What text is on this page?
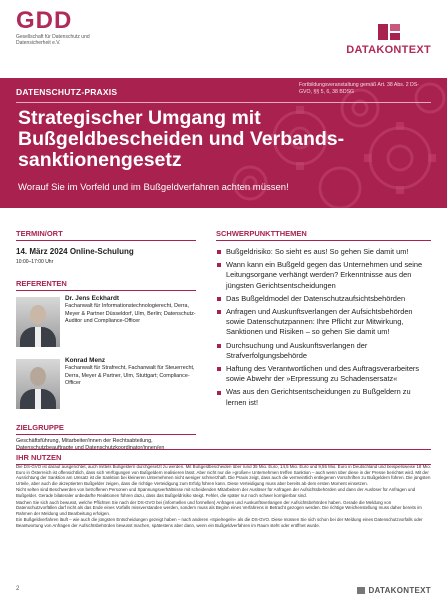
GDD
Gesellschaft für Datenschutz und Datensicherheit e.V.
DATAKONTEXT
DATENSCHUTZ-PRAXIS
Fortbildungsveranstaltung gemäß Art. 38 Abs. 2 DS-GVO, §§ 5, 6, 38 BDSG
Strategischer Umgang mit Bußgeldbescheiden und Verbandssanktionengesetz
Worauf Sie im Vorfeld und im Bußgeldverfahren achten müssen!
TERMIN/ORT
14. März 2024 Online-Schulung
10:00–17:00 Uhr
REFERENTEN
Dr. Jens Eckhardt
Fachanwalt für Informationstechnologierecht, Derra, Meyer & Partner Düsseldorf, Ulm, Berlin; Datenschutz-Auditor und Compliance-Officer
Konrad Menz
Fachanwalt für Strafrecht, Fachanwalt für Steuerrecht, Derra, Meyer & Partner, Ulm, Stuttgart; Compliance-Officer
ZIELGRUPPE
Geschäftsführung, Mitarbeiter/innen der Rechtsabteilung, Datenschutzbeauftragte und Datenschutzkoordinator/innen/en
SCHWERPUNKTTHEMEN
Bußgeldrisiko: So sieht es aus! So gehen Sie damit um!
Wann kann ein Bußgeld gegen das Unternehmen und seine Leitungsorgane verhängt werden? Erkenntnisse aus den jüngsten Gerichtsentscheidungen
Das Bußgeldmodel der Datenschutzaufsichtsbehörden
Anfragen und Auskunftsverlangen der Aufsichtsbehörden sowie Datenschutzpannen: Ihre Pflicht zur Mitwirkung, Sanktionen und Risiken – so gehen Sie damit um!
Durchsuchung und Auskunftsverlangen der Strafverfolgungsbehörde
Haftung des Verantwortlichen und des Auftragsverarbeiters sowie Abwehr der »Erpressung zu Schadensersatz«
Was aus den Gerichtsentscheidungen zu Bußgeldern zu lernen ist!
IHR NUTZEN

Die DS-GVO ist darauf ausgerichtet, auch mittels Bußgeldern durchgesetzt zu werden. Mit Bußgeldbescheiden über rund 35 Mio. Euro, 14,5 Mio. Euro und 9,55 Mio. Euro in Deutschland und beispielsweise 18 Mio. Euro in Österreich ist offensichtlich, dass sich Verfügungen von Bußgeldern realisieren lässt. Aber nicht nur die »großen« Unternehmen treffen Sanktion – auch wenn über diese in der Presse berichtet wird. Mit der Ausrichtung der Sanktion am Umsatz ist die Sanktion bei kleineren Unternehmen nicht weniger schmerzhaft. Die Praxis zeigt, dass auch die vermeintlich entlegenen Vorschriften zu Bußgeldern führen. Die jüngsten Urteile, aber auch die akzeptierten Bußgelder zeigen, dass die richtige Verteidigung zum Erfolg führen kann. Diese Verteidigung muss aber bereits ab dem ersten Moment einsetzen.

Nicht selten sind Beschwerden von betroffenen Personen und Spannungsverhältnisse mit scheidenden Mitarbeitern der Auslöser für Anfragen der Aufsichtsbehörden und dann der Auslöser für Anfragen und Bußgelder. Gerade bilateraler unbedarfte Reaktionen führen dazu, dass das Bußgeldrisiko steigt. Fehler, die später nur noch schwer korrigierbar sind.

Machen Sie sich auch bewusst, welche Pflichten Sie nach der DS-GVO bei (informellen und formellen) Anfragen und Auskunftsverlangen der Aufsichtsbehörden haben. Gerade die Meldung von Datenschutzvorfällen darf nicht als das Ende eines Vorfalls missverstanden werden, sondern muss als Beginn eines Verfahrens in Betracht gezogen werden. Die richtige Weichenstellung muss daher bereits im Rahmen der Meldung und Bearbeitung erfolgen.

Ein Bußgeldverfahren läuft – wie auch die jüngsten Entscheidungen gezeigt haben – nach anderen »Spielregeln« als die DS-GVO. Diese müssen Sie sich schon bei der Meldung eines Datenschutzvorfalls oder Beantwortung von Anfragen der Aufsichtsbehörden bewusst machen, spätestens aber dann, wenn ein Bußgeldverfahren im Raum steht oder eröffnet wurde.

2	DATAKONTEXT
